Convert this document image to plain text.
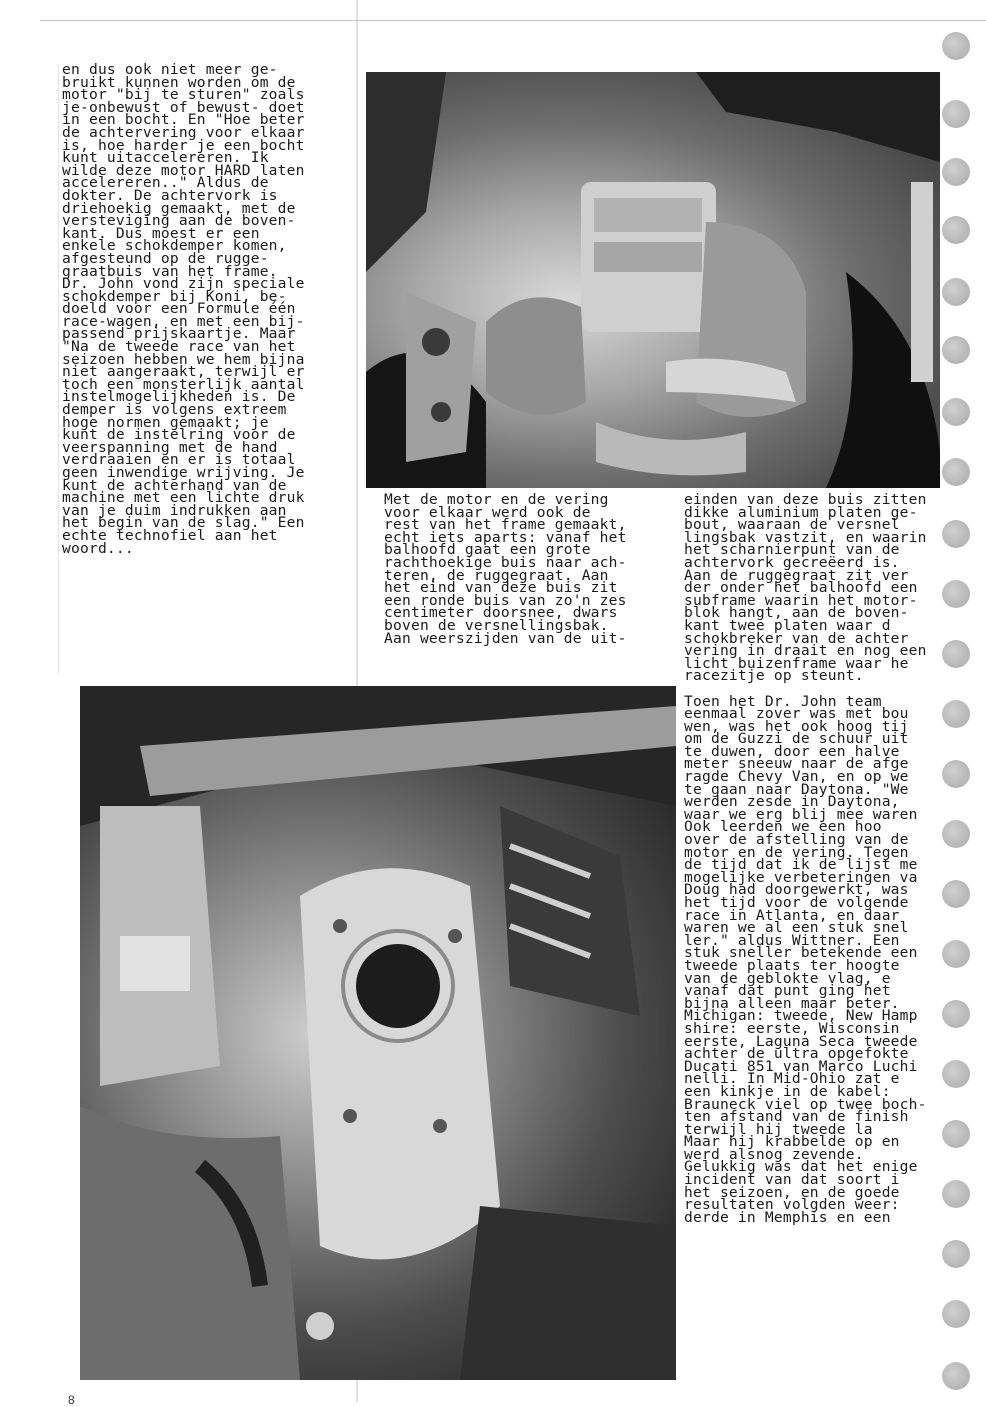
en dus ook niet meer ge-
bruikt kunnen worden om de
motor "bij te sturen" zoals
je-onbewust of bewust- doet
in een bocht. En "Hoe beter
de achtervering voor elkaar
is, hoe harder je een bocht
kunt uitaccelereren. Ik
wilde deze motor HARD laten
accelereren.." Aldus de
dokter. De achtervork is
driehoekig gemaakt, met de
versteviging aan de boven-
kant. Dus moest er een
enkele schokdemper komen,
afgesteund op de rugge-
graatbuis van het frame.
Dr. John vond zijn speciale
schokdemper bij Koni, be-
doeld voor een Formule één
race-wagen, en met een bij-
passend prijskaartje. Maar
"Na de tweede race van het
seizoen hebben we hem bijna
niet aangeraakt, terwijl er
toch een monsterlijk aantal
instelmogelijkheden is. De
demper is volgens extreem
hoge normen gemaakt; je
kunt de instelring voor de
veerspanning met de hand
verdraaien en er is totaal
geen inwendige wrijving. Je
kunt de achterhand van de
machine met een lichte druk
van je duim indrukken aan
het begin van de slag." Een
echte technofiel aan het
woord...

Met de motor en de vering
voor elkaar werd ook de
rest van het frame gemaakt,
echt iets aparts: vanaf het
balhoofd gaat een grote
rachthoekige buis naar ach-
teren, de ruggegraat. Aan
het eind van deze buis zit
een ronde buis van zo'n zes
centimeter doorsnee, dwars
boven de versnellingsbak.
Aan weerszijden van de uit-

einden van deze buis zitten
dikke aluminium platen ge-
bout, waaraan de versnel
lingsbak vastzit, en waarin
het scharnierpunt van de
achtervork gecreëerd is.
Aan de ruggegraat zit ver
der onder het balhoofd een
subframe waarin het motor-
blok hangt, aan de boven-
kant twee platen waar d
schokbreker van de achter
vering in draait en nog een
licht buizenframe waar he
racezitje op steunt.

Toen het Dr. John team
eenmaal zover was met bou
wen, was het ook hoog tij
om de Guzzi de schuur uit
te duwen, door een halve
meter sneeuw naar de afge
ragde Chevy Van, en op we
te gaan naar Daytona. "We
werden zesde in Daytona,
waar we erg blij mee waren
Ook leerden we een hoo
over de afstelling van de
motor en de vering. Tegen
de tijd dat ik de lijst me
mogelijke verbeteringen va
Doug had doorgewerkt, was
het tijd voor de volgende
race in Atlanta, en daar
waren we al een stuk snel
ler." aldus Wittner. Een
stuk sneller betekende een
tweede plaats ter hoogte
van de geblokte vlag, e
vanaf dat punt ging het
bijna alleen maar beter.
Michigan: tweede, New Hamp
shire: eerste, Wisconsin
eerste, Laguna Seca tweede
achter de ultra opgefokte
Ducati 851 van Marco Luchi
nelli. In Mid-Ohio zat e
een kinkje in de kabel:
Brauneck viel op twee boch-
ten afstand van de finish
terwijl hij tweede la
Maar hij krabbelde op en
werd alsnog zevende.
Gelukkig was dat het enige
incident van dat soort i
het seizoen, en de goede
resultaten volgden weer:
derde in Memphis en een

8
